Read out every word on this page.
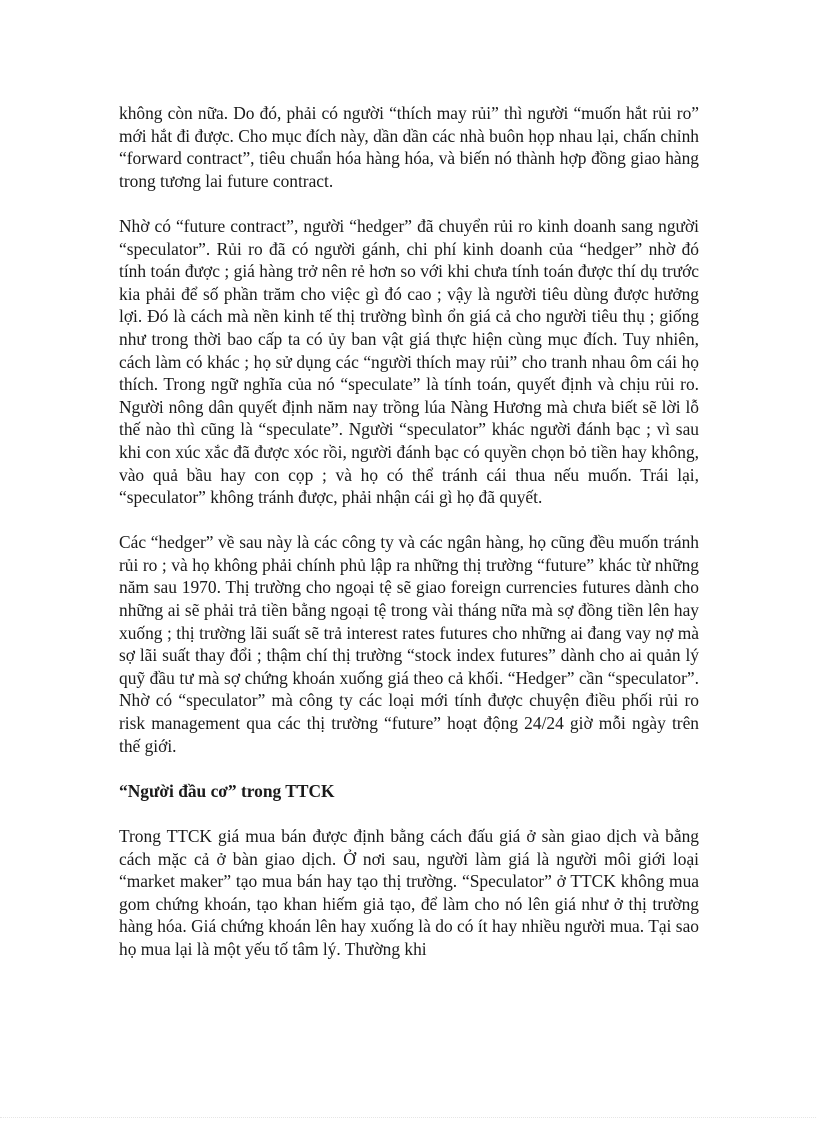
không còn nữa. Do đó, phải có người “thích may rủi” thì người “muốn hắt rủi ro” mới hắt đi được. Cho mục đích này, dần dần các nhà buôn họp nhau lại, chấn chỉnh “forward contract”, tiêu chuẩn hóa hàng hóa, và biến nó thành hợp đồng giao hàng trong tương lai future contract.

Nhờ có “future contract”, người “hedger” đã chuyển rủi ro kinh doanh sang người “speculator”. Rủi ro đã có người gánh, chi phí kinh doanh của “hedger” nhờ đó tính toán được ; giá hàng trở nên rẻ hơn so với khi chưa tính toán được thí dụ trước kia phải để số phần trăm cho việc gì đó cao ; vậy là người tiêu dùng được hưởng lợi. Đó là cách mà nền kinh tế thị trường bình ổn giá cả cho người tiêu thụ ; giống như trong thời bao cấp ta có ủy ban vật giá thực hiện cùng mục đích. Tuy nhiên, cách làm có khác ; họ sử dụng các “người thích may rủi” cho tranh nhau ôm cái họ thích. Trong ngữ nghĩa của nó “speculate” là tính toán, quyết định và chịu rủi ro. Người nông dân quyết định năm nay trồng lúa Nàng Hương mà chưa biết sẽ lời lỗ thế nào thì cũng là “speculate”. Người “speculator” khác người đánh bạc ; vì sau khi con xúc xắc đã được xóc rồi, người đánh bạc có quyền chọn bỏ tiền hay không, vào quả bầu hay con cọp ; và họ có thể tránh cái thua nếu muốn. Trái lại, “speculator” không tránh được, phải nhận cái gì họ đã quyết.

Các “hedger” về sau này là các công ty và các ngân hàng, họ cũng đều muốn tránh rủi ro ; và họ không phải chính phủ lập ra những thị trường “future” khác từ những năm sau 1970. Thị trường cho ngoại tệ sẽ giao foreign currencies futures dành cho những ai sẽ phải trả tiền bằng ngoại tệ trong vài tháng nữa mà sợ đồng tiền lên hay xuống ; thị trường lãi suất sẽ trả interest rates futures cho những ai đang vay nợ mà sợ lãi suất thay đổi ; thậm chí thị trường “stock index futures” dành cho ai quản lý quỹ đầu tư mà sợ chứng khoán xuống giá theo cả khối. “Hedger” cần “speculator”. Nhờ có “speculator” mà công ty các loại mới tính được chuyện điều phối rủi ro risk management qua các thị trường “future” hoạt động 24/24 giờ mỗi ngày trên thế giới.

“Người đầu cơ” trong TTCK

Trong TTCK giá mua bán được định bằng cách đấu giá ở sàn giao dịch và bằng cách mặc cả ở bàn giao dịch. Ở nơi sau, người làm giá là người môi giới loại “market maker” tạo mua bán hay tạo thị trường. “Speculator” ở TTCK không mua gom chứng khoán, tạo khan hiếm giả tạo, để làm cho nó lên giá như ở thị trường hàng hóa. Giá chứng khoán lên hay xuống là do có ít hay nhiều người mua. Tại sao họ mua lại là một yếu tố tâm lý. Thường khi
